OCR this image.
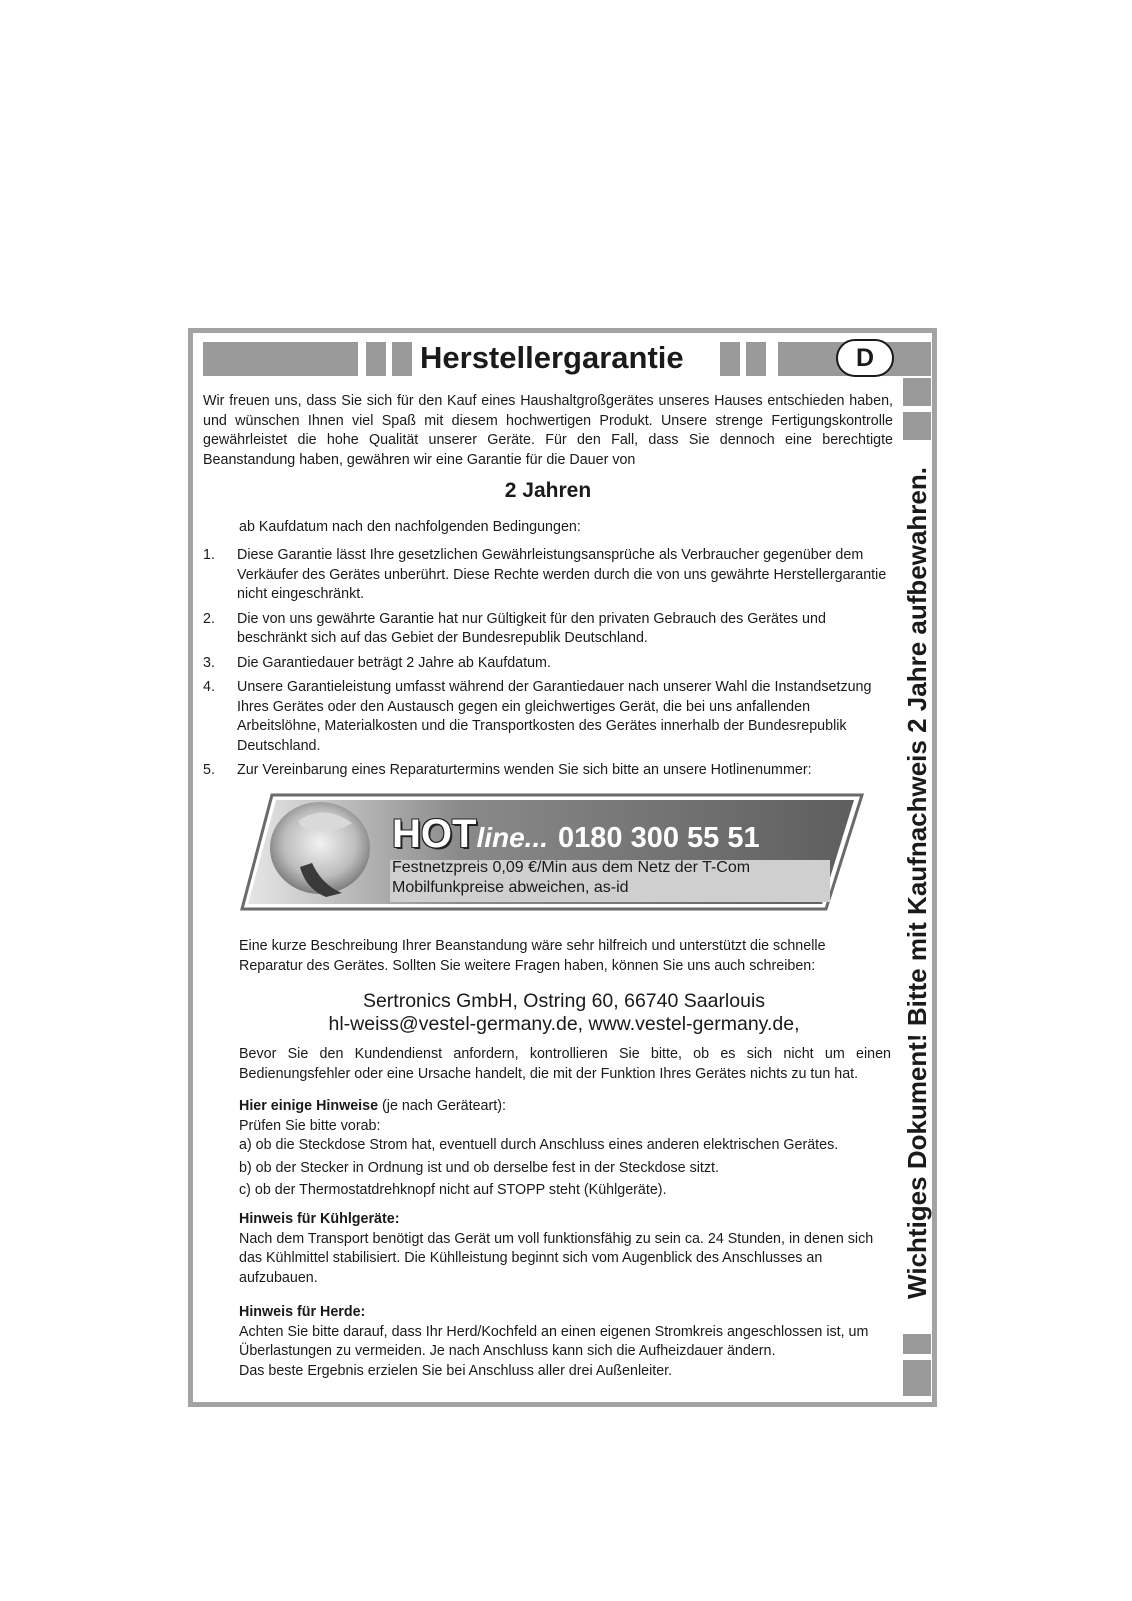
Herstellergarantie	D
Wichtiges Dokument! Bitte mit Kaufnachweis 2 Jahre aufbewahren.

Wir freuen uns, dass Sie sich für den Kauf eines Haushaltgroßgerätes unseres Hauses entschieden haben, und wünschen Ihnen viel Spaß mit diesem hochwertigen Produkt. Unsere strenge Fertigungskontrolle gewährleistet die hohe Qualität unserer Geräte. Für den Fall, dass Sie dennoch eine berechtigte Beanstandung haben, gewähren wir eine Garantie für die Dauer von

2 Jahren

ab Kaufdatum nach den nachfolgenden Bedingungen:

1. Diese Garantie lässt Ihre gesetzlichen Gewährleistungsansprüche als Verbraucher gegenüber dem Verkäufer des Gerätes unberührt. Diese Rechte werden durch die von uns gewährte Herstellergarantie nicht eingeschränkt.
2. Die von uns gewährte Garantie hat nur Gültigkeit für den privaten Gebrauch des Gerätes und beschränkt sich auf das Gebiet der Bundesrepublik Deutschland.
3. Die Garantiedauer beträgt 2 Jahre ab Kaufdatum.
4. Unsere Garantieleistung umfasst während der Garantiedauer nach unserer Wahl die Instandsetzung Ihres Gerätes oder den Austausch gegen ein gleichwertiges Gerät, die bei uns anfallenden Arbeitslöhne, Materialkosten und die Transportkosten des Gerätes innerhalb der Bundesrepublik Deutschland.
5. Zur Vereinbarung eines Reparaturtermins wenden Sie sich bitte an unsere Hotlinenummer:
HOTline... 0180 300 55 51
Festnetzpreis 0,09 €/Min aus dem Netz der T-Com
Mobilfunkpreise abweichen, as-id

Eine kurze Beschreibung Ihrer Beanstandung wäre sehr hilfreich und unterstützt die schnelle Reparatur des Gerätes. Sollten Sie weitere Fragen haben, können Sie uns auch schreiben:

Sertronics GmbH, Ostring 60, 66740 Saarlouis
hl-weiss@vestel-germany.de, www.vestel-germany.de,

Bevor Sie den Kundendienst anfordern, kontrollieren Sie bitte, ob es sich nicht um einen Bedienungsfehler oder eine Ursache handelt, die mit der Funktion Ihres Gerätes nichts zu tun hat.

Hier einige Hinweise (je nach Geräteart):
Prüfen Sie bitte vorab:
a) ob die Steckdose Strom hat, eventuell durch Anschluss eines anderen elektrischen Gerätes.
b) ob der Stecker in Ordnung ist und ob derselbe fest in der Steckdose sitzt.
c) ob der Thermostatdrehknopf nicht auf STOPP steht (Kühlgeräte).
Hinweis für Kühlgeräte:
Nach dem Transport benötigt das Gerät um voll funktionsfähig zu sein ca. 24 Stunden, in denen sich das Kühlmittel stabilisiert. Die Kühlleistung beginnt sich vom Augenblick des Anschlusses an aufzubauen.
Hinweis für Herde:
Achten Sie bitte darauf, dass Ihr Herd/Kochfeld an einen eigenen Stromkreis angeschlossen ist, um Überlastungen zu vermeiden. Je nach Anschluss kann sich die Aufheizdauer ändern.
Das beste Ergebnis erzielen Sie bei Anschluss aller drei Außenleiter.
